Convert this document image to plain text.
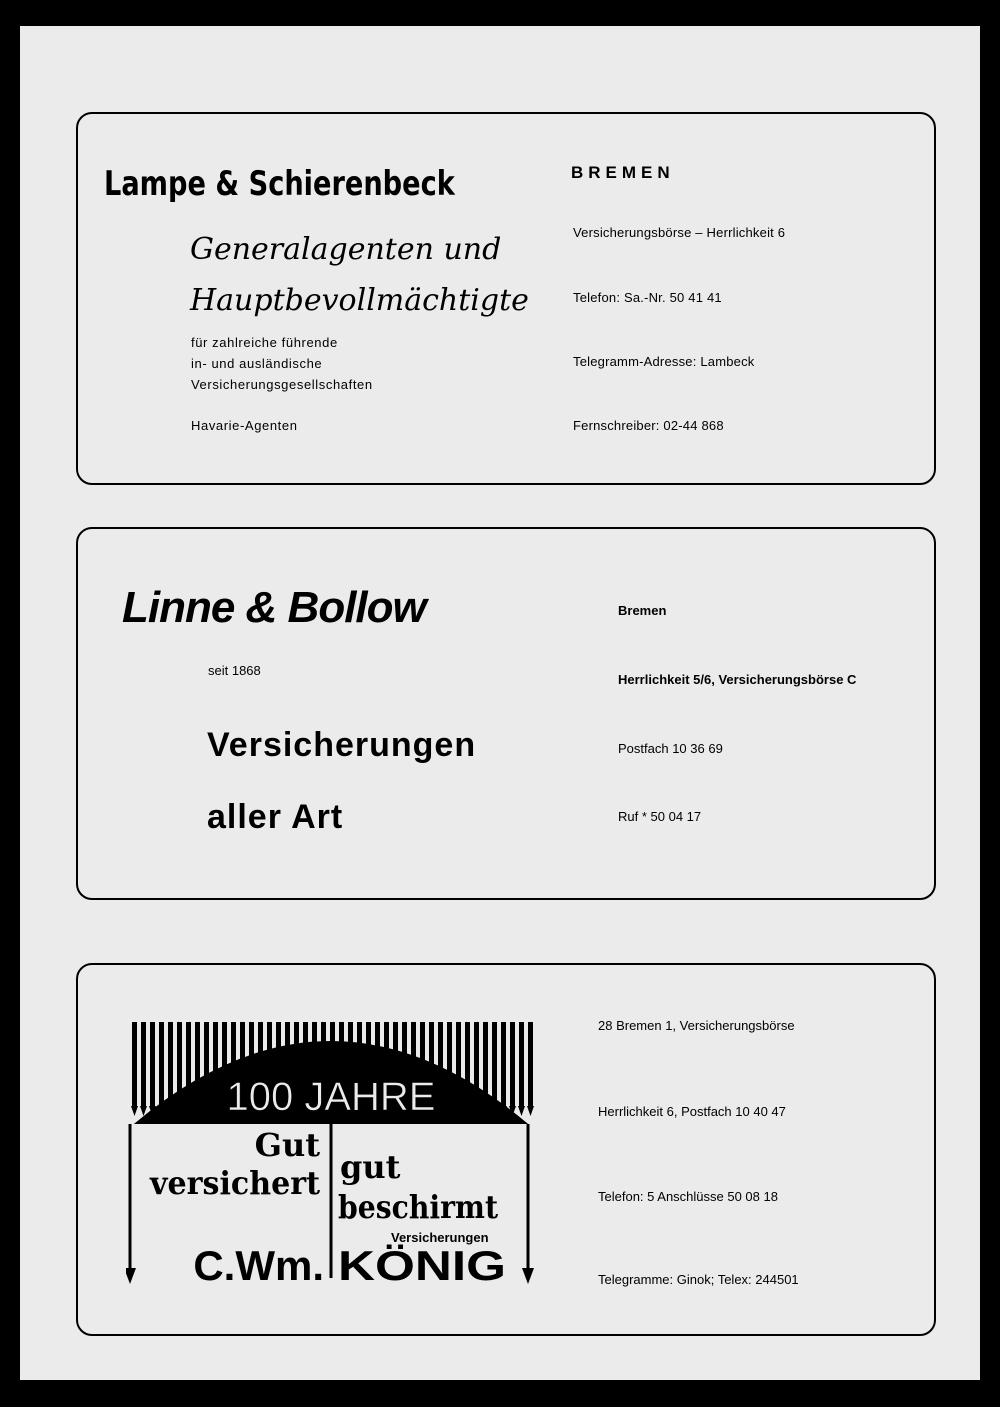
Lampe & Schierenbeck
Generalagenten und
Hauptbevollmächtigte
für zahlreiche führende
in- und ausländische
Versicherungsgesellschaften
Havarie-Agenten
BREMEN
Versicherungsbörse – Herrlichkeit 6
Telefon: Sa.-Nr. 50 41 41
Telegramm-Adresse: Lambeck
Fernschreiber: 02-44 868
Linne & Bollow
seit 1868
Versicherungen
aller Art
Bremen
Herrlichkeit 5/6, Versicherungsbörse C
Postfach 10 36 69
Ruf * 50 04 17
100 JAHRE
Gut
versichert gut
beschirmt
Versicherungen
C.Wm. KÖNIG
28 Bremen 1, Versicherungsbörse
Herrlichkeit 6, Postfach 10 40 47
Telefon: 5 Anschlüsse 50 08 18
Telegramme: Ginok; Telex: 244501
